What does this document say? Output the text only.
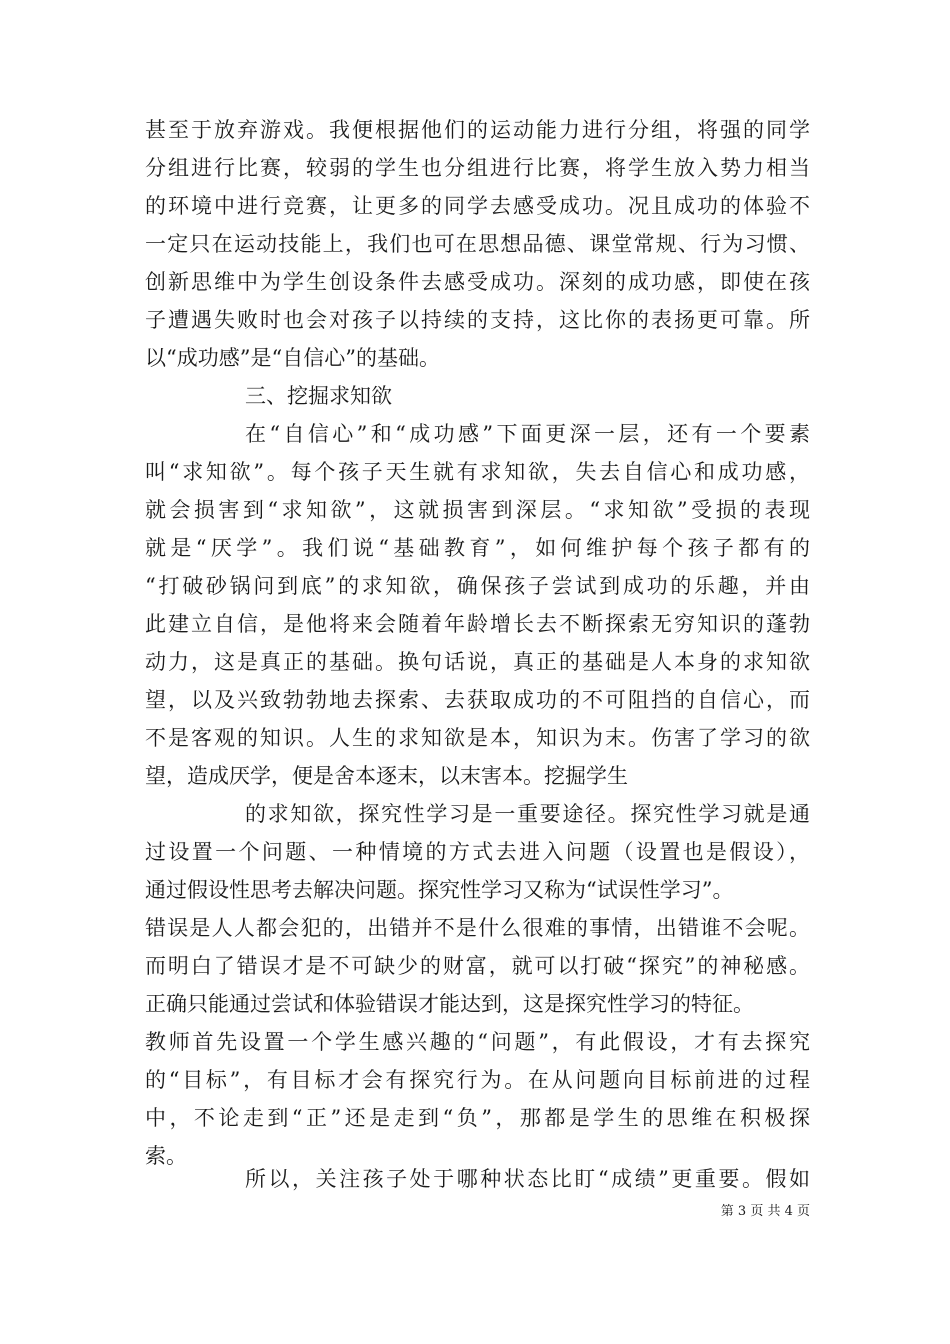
甚至于放弃游戏。我便根据他们的运动能力进行分组，将强的同学

分组进行比赛，较弱的学生也分组进行比赛，将学生放入势力相当

的环境中进行竞赛，让更多的同学去感受成功。况且成功的体验不

一定只在运动技能上，我们也可在思想品德、课堂常规、行为习惯、

创新思维中为学生创设条件去感受成功。深刻的成功感，即使在孩

子遭遇失败时也会对孩子以持续的支持，这比你的表扬更可靠。所

以“成功感”是“自信心”的基础。

三、挖掘求知欲

在“自信心”和“成功感”下面更深一层，还有一个要素

叫“求知欲”。每个孩子天生就有求知欲，失去自信心和成功感，

就会损害到“求知欲”，这就损害到深层。“求知欲”受损的表现

就是“厌学”。我们说“基础教育”，如何维护每个孩子都有的

“打破砂锅问到底”的求知欲，确保孩子尝试到成功的乐趣，并由

此建立自信，是他将来会随着年龄增长去不断探索无穷知识的蓬勃

动力，这是真正的基础。换句话说，真正的基础是人本身的求知欲

望，以及兴致勃勃地去探索、去获取成功的不可阻挡的自信心，而

不是客观的知识。人生的求知欲是本，知识为末。伤害了学习的欲

望，造成厌学，便是舍本逐末，以末害本。挖掘学生

的求知欲，探究性学习是一重要途径。探究性学习就是通

过设置一个问题、一种情境的方式去进入问题（设置也是假设），

通过假设性思考去解决问题。探究性学习又称为“试误性学习”。

错误是人人都会犯的，出错并不是什么很难的事情，出错谁不会呢。

而明白了错误才是不可缺少的财富，就可以打破“探究”的神秘感。

正确只能通过尝试和体验错误才能达到，这是探究性学习的特征。

教师首先设置一个学生感兴趣的“问题”，有此假设，才有去探究

的“目标”，有目标才会有探究行为。在从问题向目标前进的过程

中，不论走到“正”还是走到“负”，那都是学生的思维在积极探

索。

所以，关注孩子处于哪种状态比盯“成绩”更重要。假如

第 3 页 共 4 页
